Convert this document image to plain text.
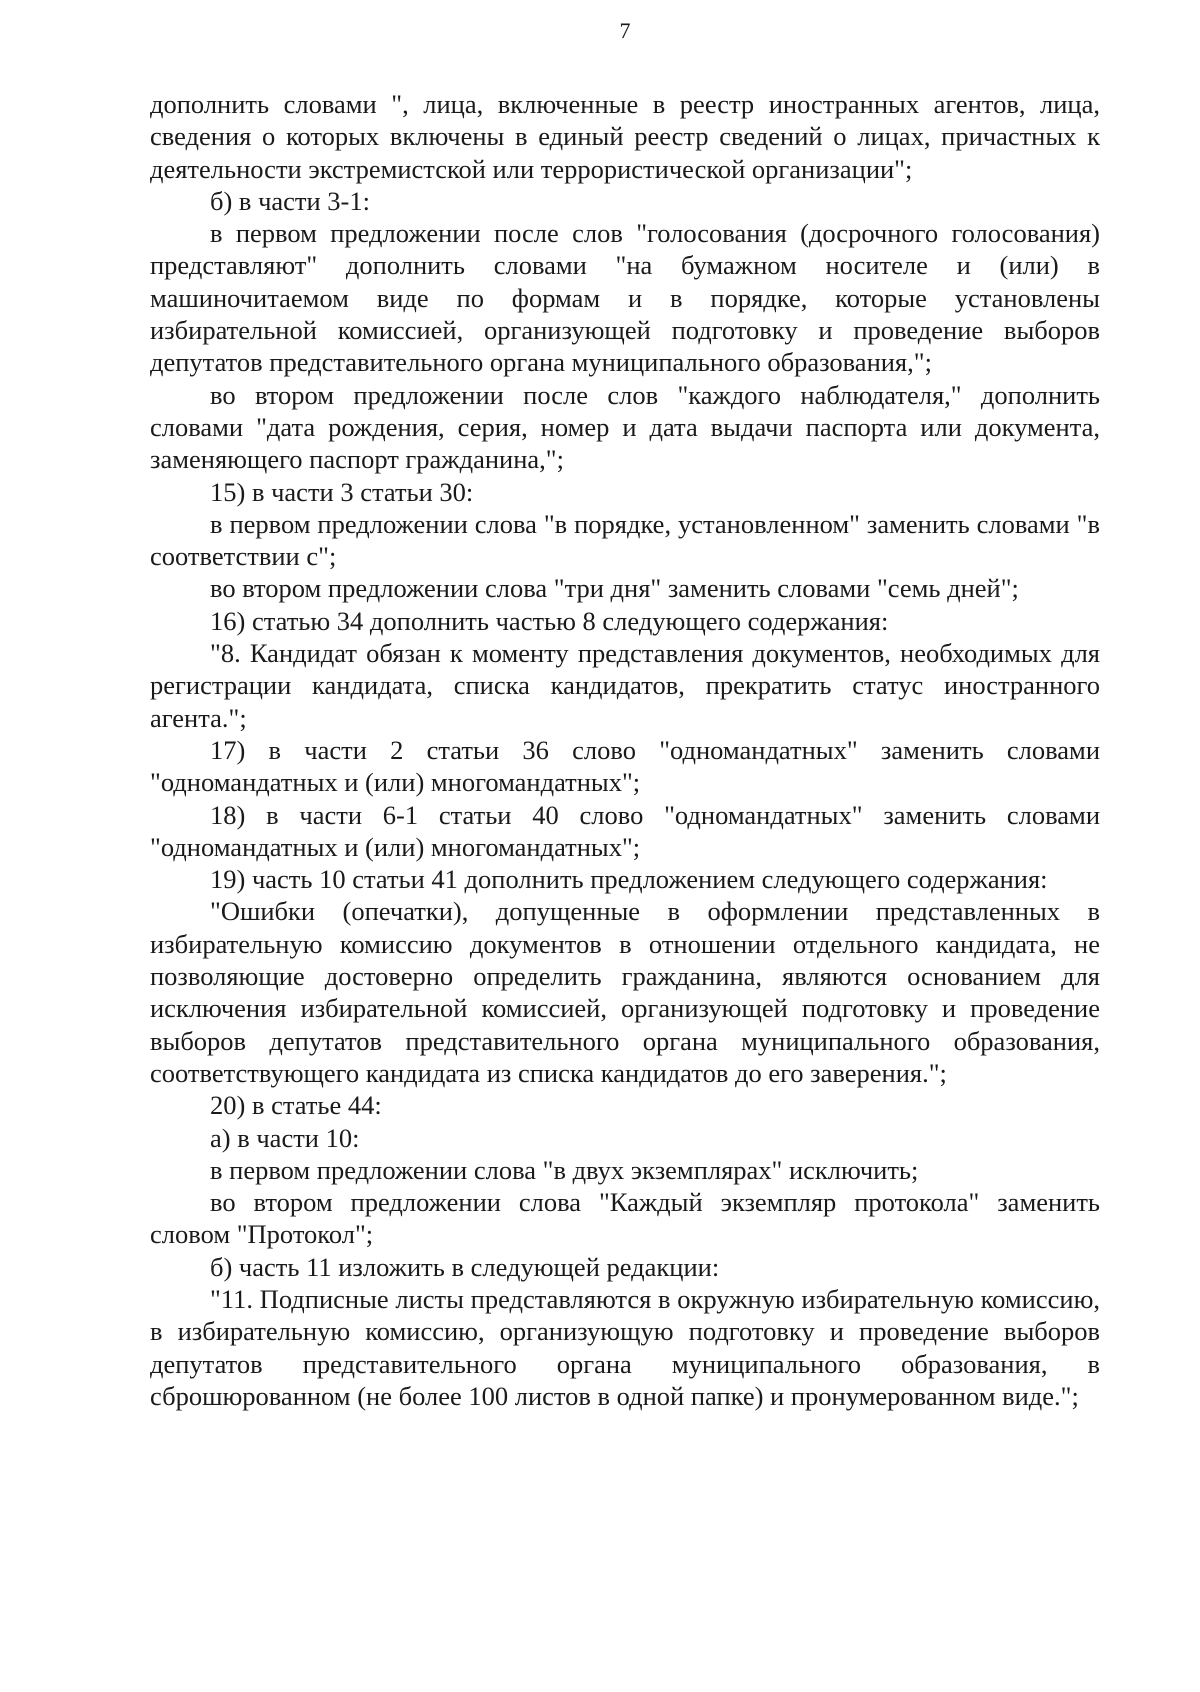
7

дополнить словами ", лица, включенные в реестр иностранных агентов, лица, сведения о которых включены в единый реестр сведений о лицах, причастных к деятельности экстремистской или террористической организации";

б) в части 3-1:

в первом предложении после слов "голосования (досрочного голосования) представляют" дополнить словами "на бумажном носителе и (или) в машиночитаемом виде по формам и в порядке, которые установлены избирательной комиссией, организующей подготовку и проведение выборов депутатов представительного органа муниципального образования,";

во втором предложении после слов "каждого наблюдателя," дополнить словами "дата рождения, серия, номер и дата выдачи паспорта или документа, заменяющего паспорт гражданина,";

15) в части 3 статьи 30:

в первом предложении слова "в порядке, установленном" заменить словами "в соответствии с";

во втором предложении слова "три дня" заменить словами "семь дней";

16) статью 34 дополнить частью 8 следующего содержания:

"8. Кандидат обязан к моменту представления документов, необходимых для регистрации кандидата, списка кандидатов, прекратить статус иностранного агента.";

17) в части 2 статьи 36 слово "одномандатных" заменить словами "одномандатных и (или) многомандатных";

18) в части 6-1 статьи 40 слово "одномандатных" заменить словами "одномандатных и (или) многомандатных";

19) часть 10 статьи 41 дополнить предложением следующего содержания:

"Ошибки (опечатки), допущенные в оформлении представленных в избирательную комиссию документов в отношении отдельного кандидата, не позволяющие достоверно определить гражданина, являются основанием для исключения избирательной комиссией, организующей подготовку и проведение выборов депутатов представительного органа муниципального образования, соответствующего кандидата из списка кандидатов до его заверения.";

20) в статье 44:

а) в части 10:

в первом предложении слова "в двух экземплярах" исключить;

во втором предложении слова "Каждый экземпляр протокола" заменить словом "Протокол";

б) часть 11 изложить в следующей редакции:

"11. Подписные листы представляются в окружную избирательную комиссию, в избирательную комиссию, организующую подготовку и проведение выборов депутатов представительного органа муниципального образования, в сброшюрованном (не более 100 листов в одной папке) и пронумерованном виде.";
